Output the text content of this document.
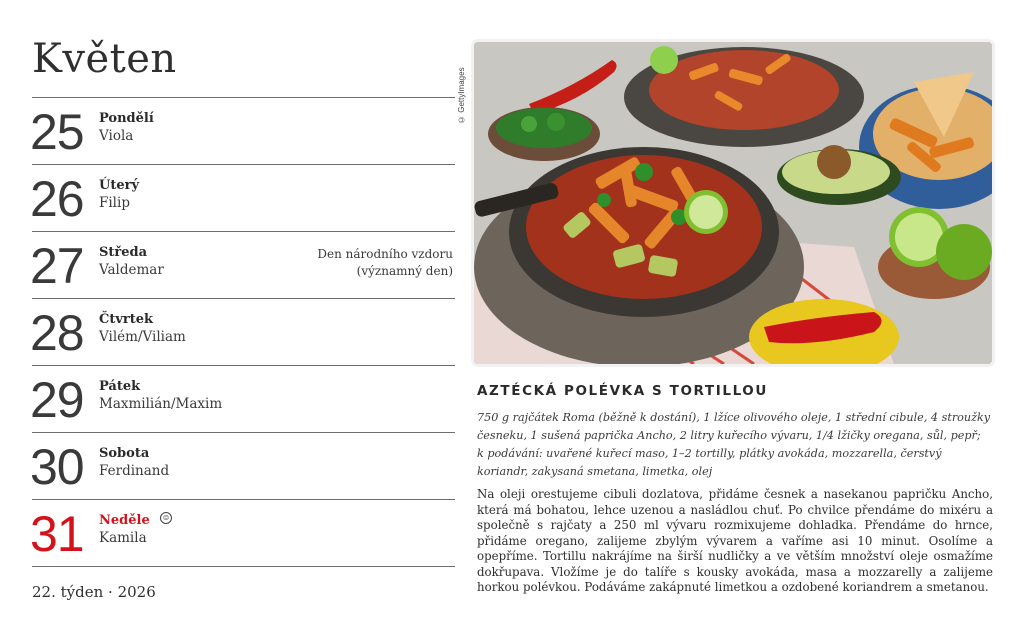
Květen
25 Pondělí
Viola
26 Úterý
Filip
27 Středa
Valdemar
Den národního vzdoru
(významný den)
28 Čtvrtek
Vilém/Viliam
29 Pátek
Maxmilián/Maxim
30 Sobota
Ferdinand
31 Neděle	☺
Kamila
22. týden · 2026
© GettyImages
AZTÉCKÁ POLÉVKA S TORTILLOU

750 g rajčátek Roma (běžně k dostání), 1 lžíce olivového oleje, 1 střední cibule, 4 stroužky česneku, 1 sušená paprička Ancho, 2 litry kuřecího vývaru, 1/4 lžičky oregana, sůl, pepř;

k podávání: uvařené kuřecí maso, 1–2 tortilly, plátky avokáda, mozzarella, čerstvý koriandr, zakysaná smetana, limetka, olej

Na oleji orestujeme cibuli dozlatova, přidáme česnek a nasekanou papričku Ancho, která má bohatou, lehce uzenou a nasládlou chuť. Po chvilce přendáme do mixéru a společně s rajčaty a 250 ml vývaru rozmixujeme dohladka. Přendáme do hrnce, přidáme oregano, zalijeme zbylým vývarem a vaříme asi 10 minut. Osolíme a opepříme. Tortillu nakrájíme na širší nudličky a ve větším množství oleje osmažíme dokřupava. Vložíme je do talíře s kousky avokáda, masa a mozzarelly a zalijeme horkou polévkou. Podáváme zakápnuté limetkou a ozdobené koriandrem a smetanou.
